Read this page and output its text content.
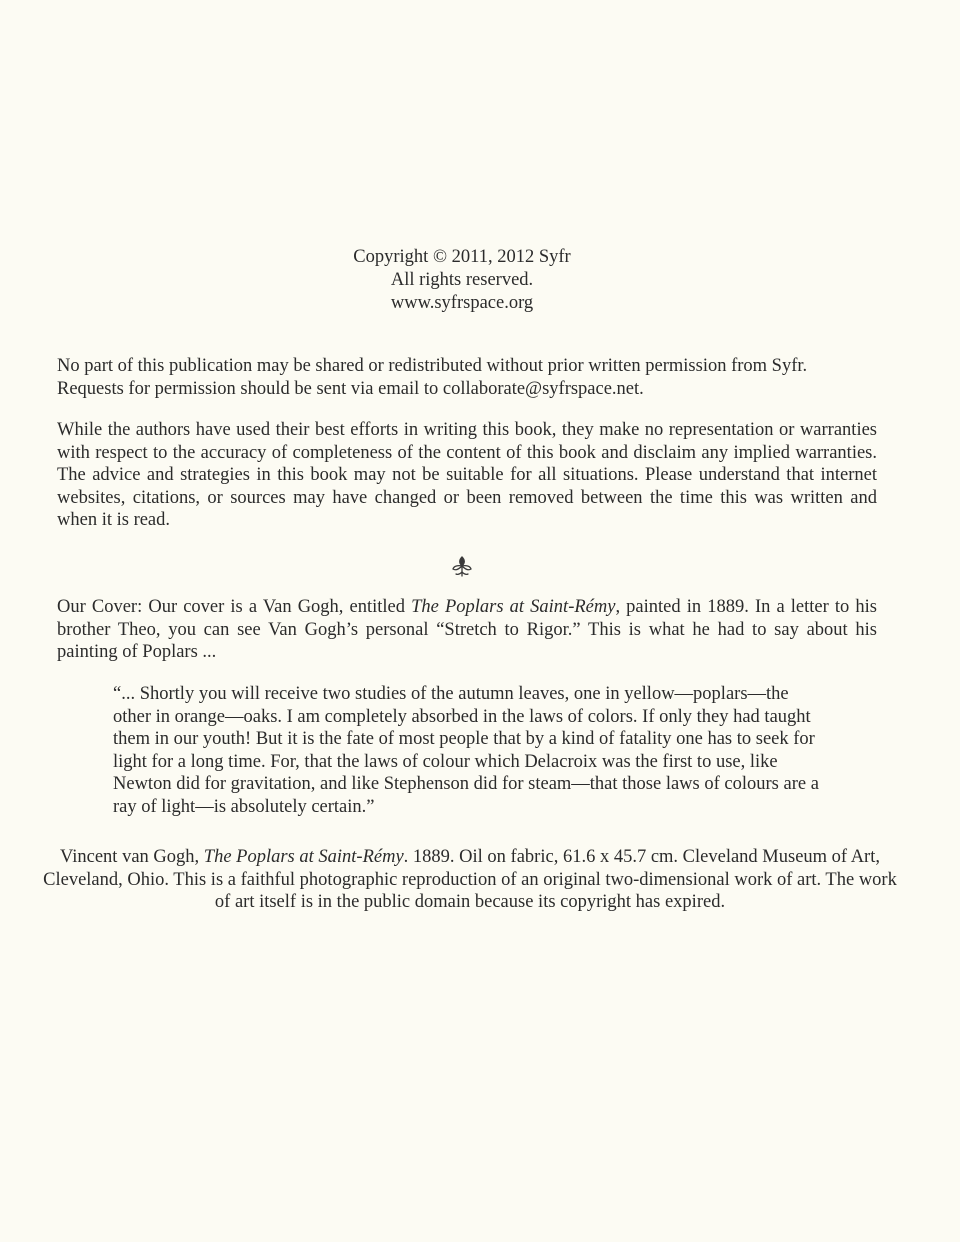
Copyright © 2011, 2012 Syfr
All rights reserved.
www.syfrspace.org

No part of this publication may be shared or redistributed without prior written permission from Syfr. Requests for permission should be sent via email to collaborate@syfrspace.net.

While the authors have used their best efforts in writing this book, they make no representation or warranties with respect to the accuracy of completeness of the content of this book and disclaim any implied warranties. The advice and strategies in this book may not be suitable for all situations. Please understand that internet websites, citations, or sources may have changed or been removed between the time this was written and when it is read.

Our Cover: Our cover is a Van Gogh, entitled The Poplars at Saint-Rémy, painted in 1889. In a letter to his brother Theo, you can see Van Gogh’s personal “Stretch to Rigor.” This is what he had to say about his painting of Poplars ...

“... Shortly you will receive two studies of the autumn leaves, one in yellow—poplars—the other in orange—oaks. I am completely absorbed in the laws of colors. If only they had taught them in our youth! But it is the fate of most people that by a kind of fatality one has to seek for light for a long time. For, that the laws of colour which Delacroix was the first to use, like Newton did for gravitation, and like Stephenson did for steam—that those laws of colours are a ray of light—is absolutely certain.”

Vincent van Gogh, The Poplars at Saint-Rémy. 1889. Oil on fabric, 61.6 x 45.7 cm. Cleveland Museum of Art, Cleveland, Ohio. This is a faithful photographic reproduction of an original two-dimensional work of art. The work of art itself is in the public domain because its copyright has expired.
